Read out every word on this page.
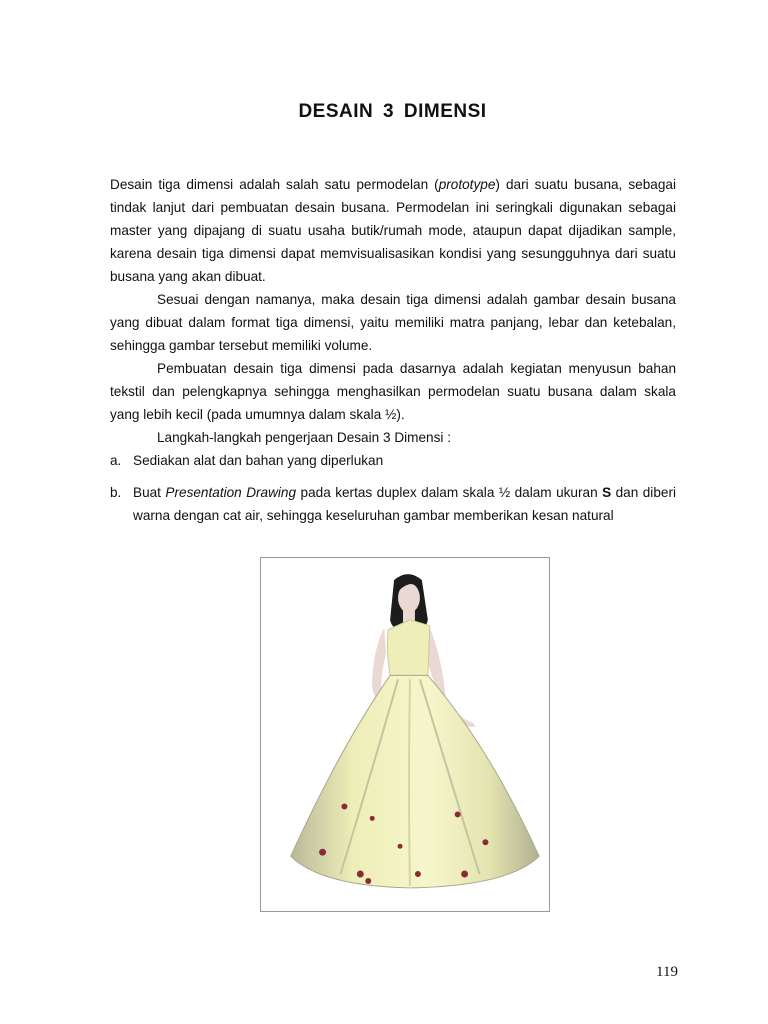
DESAIN 3 DIMENSI

Desain tiga dimensi adalah salah satu permodelan (prototype) dari suatu busana, sebagai tindak lanjut dari pembuatan desain busana. Permodelan ini seringkali digunakan sebagai master yang dipajang di suatu usaha butik/rumah mode, ataupun dapat dijadikan sample, karena desain tiga dimensi dapat memvisualisasikan kondisi yang sesungguhnya dari suatu busana yang akan dibuat.

Sesuai dengan namanya, maka desain tiga dimensi adalah gambar desain busana yang dibuat dalam format tiga dimensi, yaitu memiliki matra panjang, lebar dan ketebalan, sehingga gambar tersebut memiliki volume.

Pembuatan desain tiga dimensi pada dasarnya adalah kegiatan menyusun bahan tekstil dan pelengkapnya sehingga menghasilkan permodelan suatu busana dalam skala yang lebih kecil (pada umumnya dalam skala ½).

Langkah-langkah pengerjaan Desain 3 Dimensi :

a. Sediakan alat dan bahan yang diperlukan
b. Buat Presentation Drawing pada kertas duplex dalam skala ½ dalam ukuran S dan diberi warna dengan cat air, sehingga keseluruhan gambar memberikan kesan natural
119
